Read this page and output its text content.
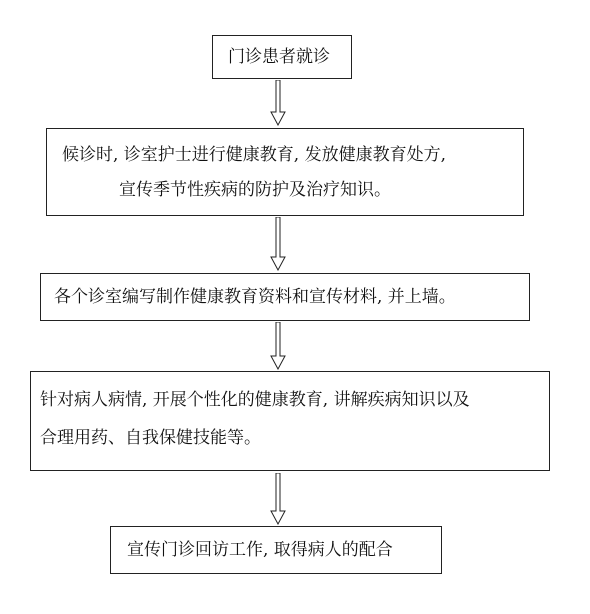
门诊患者就诊
候诊时, 诊室护士进行健康教育, 发放健康教育处方,
宣传季节性疾病的防护及治疗知识。
各个诊室编写制作健康教育资料和宣传材料, 并上墙。
针对病人病情, 开展个性化的健康教育, 讲解疾病知识以及
合理用药、自我保健技能等。
宣传门诊回访工作, 取得病人的配合
